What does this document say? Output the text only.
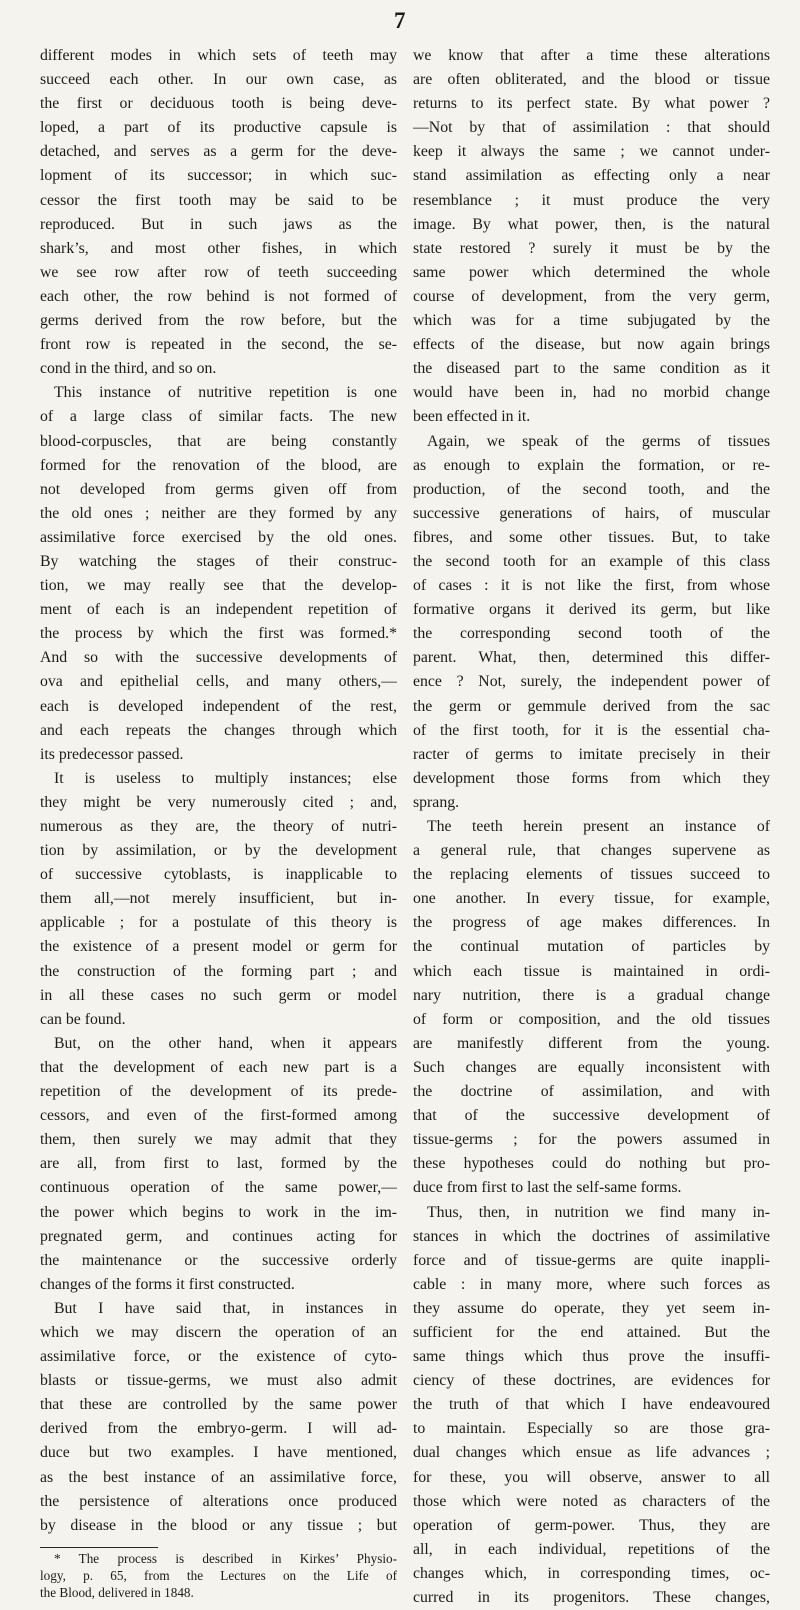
7
different modes in which sets of teeth may
succeed each other. In our own case, as
the first or deciduous tooth is being deve-
loped, a part of its productive capsule is
detached, and serves as a germ for the deve-
lopment of its successor; in which suc-
cessor the first tooth may be said to be
reproduced. But in such jaws as the
shark’s, and most other fishes, in which
we see row after row of teeth succeeding
each other, the row behind is not formed of
germs derived from the row before, but the
front row is repeated in the second, the se-
cond in the third, and so on.
This instance of nutritive repetition is one
of a large class of similar facts. The new
blood-corpuscles, that are being constantly
formed for the renovation of the blood, are
not developed from germs given off from
the old ones ; neither are they formed by any
assimilative force exercised by the old ones.
By watching the stages of their construc-
tion, we may really see that the develop-
ment of each is an independent repetition of
the process by which the first was formed.*
And so with the successive developments of
ova and epithelial cells, and many others,—
each is developed independent of the rest,
and each repeats the changes through which
its predecessor passed.
It is useless to multiply instances; else
they might be very numerously cited ; and,
numerous as they are, the theory of nutri-
tion by assimilation, or by the development
of successive cytoblasts, is inapplicable to
them all,—not merely insufficient, but in-
applicable ; for a postulate of this theory is
the existence of a present model or germ for
the construction of the forming part ; and
in all these cases no such germ or model
can be found.
But, on the other hand, when it appears
that the development of each new part is a
repetition of the development of its prede-
cessors, and even of the first-formed among
them, then surely we may admit that they
are all, from first to last, formed by the
continuous operation of the same power,—
the power which begins to work in the im-
pregnated germ, and continues acting for
the maintenance or the successive orderly
changes of the forms it first constructed.
But I have said that, in instances in
which we may discern the operation of an
assimilative force, or the existence of cyto-
blasts or tissue-germs, we must also admit
that these are controlled by the same power
derived from the embryo-germ. I will ad-
duce but two examples. I have mentioned,
as the best instance of an assimilative force,
the persistence of alterations once produced
by disease in the blood or any tissue ; but
* The process is described in Kirkes’ Physio-
logy, p. 65, from the Lectures on the Life of
the Blood, delivered in 1848.
we know that after a time these alterations
are often obliterated, and the blood or tissue
returns to its perfect state. By what power ?
—Not by that of assimilation : that should
keep it always the same ; we cannot under-
stand assimilation as effecting only a near
resemblance ; it must produce the very
image. By what power, then, is the natural
state restored ? surely it must be by the
same power which determined the whole
course of development, from the very germ,
which was for a time subjugated by the
effects of the disease, but now again brings
the diseased part to the same condition as it
would have been in, had no morbid change
been effected in it.
Again, we speak of the germs of tissues
as enough to explain the formation, or re-
production, of the second tooth, and the
successive generations of hairs, of muscular
fibres, and some other tissues. But, to take
the second tooth for an example of this class
of cases : it is not like the first, from whose
formative organs it derived its germ, but like
the corresponding second tooth of the
parent. What, then, determined this differ-
ence ? Not, surely, the independent power of
the germ or gemmule derived from the sac
of the first tooth, for it is the essential cha-
racter of germs to imitate precisely in their
development those forms from which they
sprang.
The teeth herein present an instance of
a general rule, that changes supervene as
the replacing elements of tissues succeed to
one another. In every tissue, for example,
the progress of age makes differences. In
the continual mutation of particles by
which each tissue is maintained in ordi-
nary nutrition, there is a gradual change
of form or composition, and the old tissues
are manifestly different from the young.
Such changes are equally inconsistent with
the doctrine of assimilation, and with
that of the successive development of
tissue-germs ; for the powers assumed in
these hypotheses could do nothing but pro-
duce from first to last the self-same forms.
Thus, then, in nutrition we find many in-
stances in which the doctrines of assimilative
force and of tissue-germs are quite inappli-
cable : in many more, where such forces as
they assume do operate, they yet seem in-
sufficient for the end attained. But the
same things which thus prove the insuffi-
ciency of these doctrines, are evidences for
the truth of that which I have endeavoured
to maintain. Especially so are those gra-
dual changes which ensue as life advances ;
for these, you will observe, answer to all
those which were noted as characters of the
operation of germ-power. Thus, they are
all, in each individual, repetitions of the
changes which, in corresponding times, oc-
curred in its progenitors. These changes,
